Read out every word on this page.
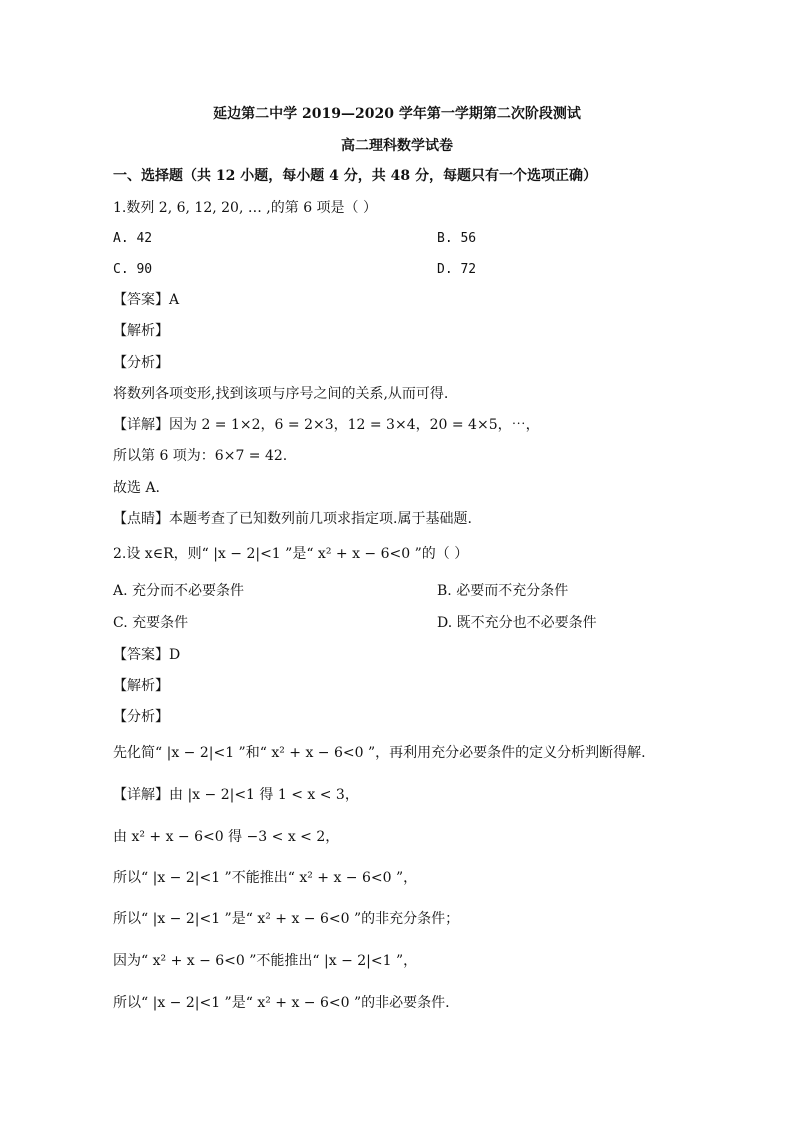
延边第二中学 2019—2020 学年第一学期第二次阶段测试
高二理科数学试卷
一、选择题（共 12 小题，每小题 4 分，共 48 分，每题只有一个选项正确）
1.数列 2, 6, 12, 20, … ,的第 6 项是（ ）
A. 42	B. 56
C. 90	D. 72
【答案】A
【解析】
【分析】
将数列各项变形,找到该项与序号之间的关系,从而可得.
【详解】因为 2 = 1×2，6 = 2×3，12 = 3×4，20 = 4×5，⋯，
所以第 6 项为：6×7 = 42.
故选 A.
【点睛】本题考查了已知数列前几项求指定项.属于基础题.
2.设 x∈R，则“ |x − 2|<1 ”是“ x² + x − 6<0 ”的（ ）
A. 充分而不必要条件	B. 必要而不充分条件
C. 充要条件	D. 既不充分也不必要条件
【答案】D
【解析】
【分析】
先化简“ |x − 2|<1 ”和“ x² + x − 6<0 ”，再利用充分必要条件的定义分析判断得解.
【详解】由 |x − 2|<1 得 1 < x < 3，
由 x² + x − 6<0 得 −3 < x < 2，
所以“ |x − 2|<1 ”不能推出“ x² + x − 6<0 ”，
所以“ |x − 2|<1 ”是“ x² + x − 6<0 ”的非充分条件；
因为“ x² + x − 6<0 ”不能推出“ |x − 2|<1 ”，
所以“ |x − 2|<1 ”是“ x² + x − 6<0 ”的非必要条件.
